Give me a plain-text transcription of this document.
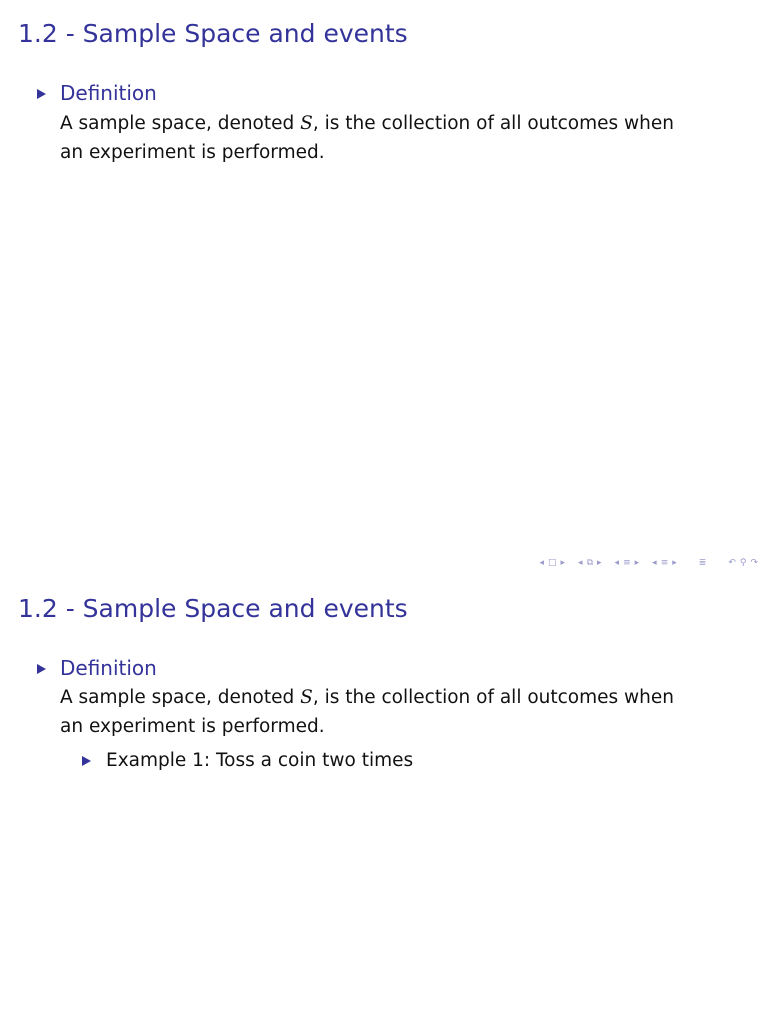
1.2 - Sample Space and events
Definition
A sample space, denoted S, is the collection of all outcomes when
an experiment is performed.
◂ □ ▸ ◂ ⧉ ▸ ◂ ≡ ▸ ◂ ≡ ▸ ≣ ↶ ⚲ ↷
1.2 - Sample Space and events
Definition
A sample space, denoted S, is the collection of all outcomes when
an experiment is performed.
Example 1: Toss a coin two times
